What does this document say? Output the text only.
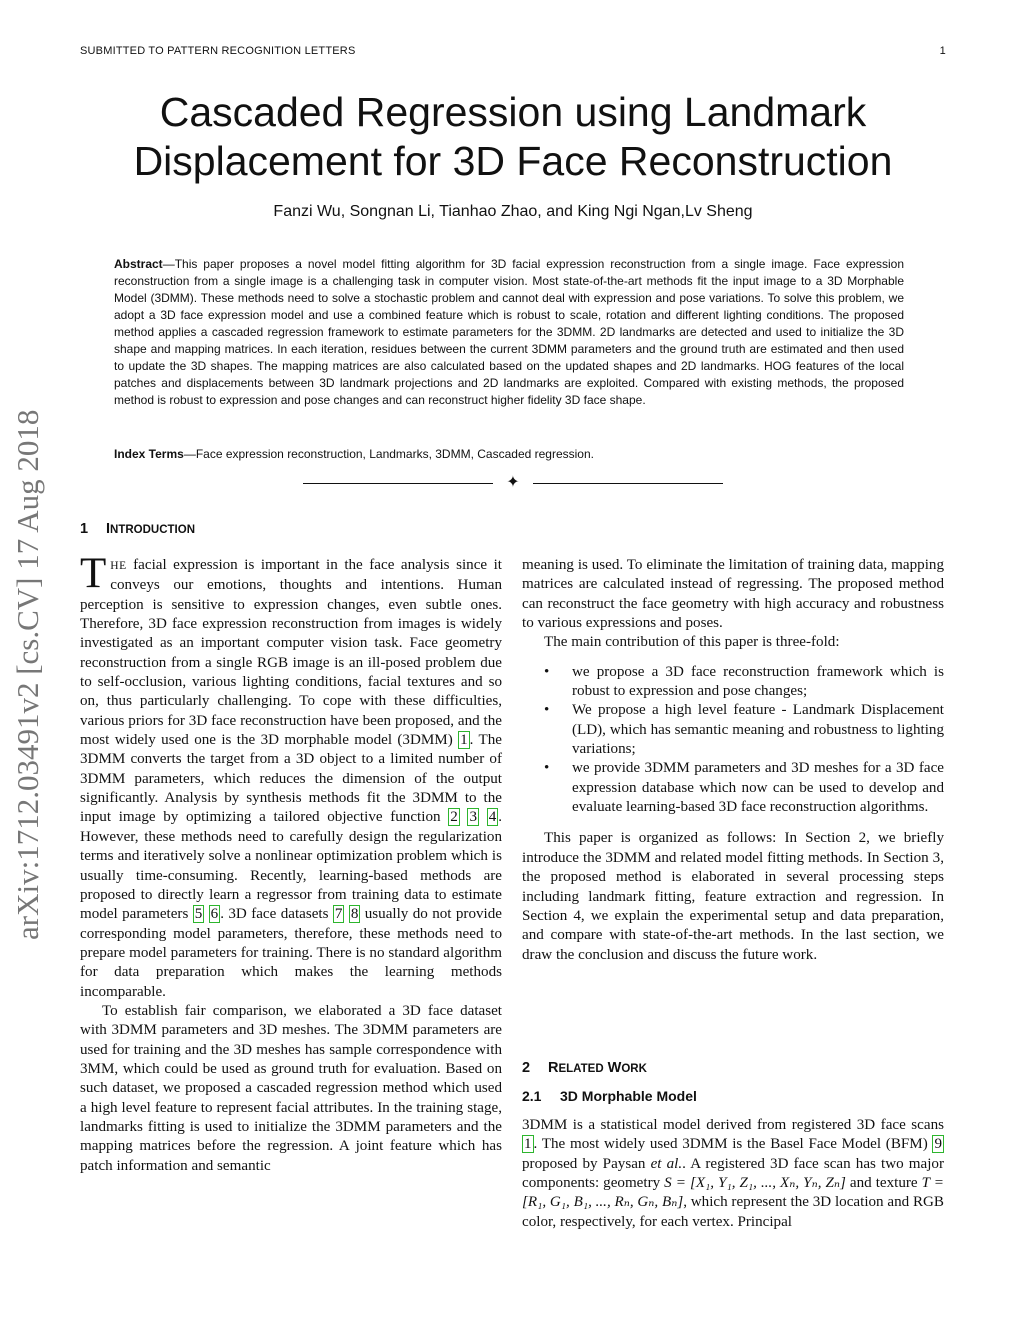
SUBMITTED TO PATTERN RECOGNITION LETTERS	1
arXiv:1712.03491v2 [cs.CV] 17 Aug 2018
Cascaded Regression using Landmark
Displacement for 3D Face Reconstruction
Fanzi Wu, Songnan Li, Tianhao Zhao, and King Ngi Ngan,Lv Sheng
Abstract—This paper proposes a novel model fitting algorithm for 3D facial expression reconstruction from a single image. Face expression reconstruction from a single image is a challenging task in computer vision. Most state-of-the-art methods fit the input image to a 3D Morphable Model (3DMM). These methods need to solve a stochastic problem and cannot deal with expression and pose variations. To solve this problem, we adopt a 3D face expression model and use a combined feature which is robust to scale, rotation and different lighting conditions. The proposed method applies a cascaded regression framework to estimate parameters for the 3DMM. 2D landmarks are detected and used to initialize the 3D shape and mapping matrices. In each iteration, residues between the current 3DMM parameters and the ground truth are estimated and then used to update the 3D shapes. The mapping matrices are also calculated based on the updated shapes and 2D landmarks. HOG features of the local patches and displacements between 3D landmark projections and 2D landmarks are exploited. Compared with existing methods, the proposed method is robust to expression and pose changes and can reconstruct higher fidelity 3D face shape.
Index Terms—Face expression reconstruction, Landmarks, 3DMM, Cascaded regression.
✦
1 INTRODUCTION

THE facial expression is important in the face analysis since it conveys our emotions, thoughts and intentions. Human perception is sensitive to expression changes, even subtle ones. Therefore, 3D face expression reconstruction from images is widely investigated as an important computer vision task. Face geometry reconstruction from a single RGB image is an ill-posed problem due to self-occlusion, various lighting conditions, facial textures and so on, thus particularly challenging. To cope with these difficulties, various priors for 3D face reconstruction have been proposed, and the most widely used one is the 3D morphable model (3DMM) 1 . The 3DMM converts the target from a 3D object to a limited number of 3DMM parameters, which reduces the dimension of the output significantly. Analysis by synthesis methods fit the 3DMM to the input image by optimizing a tailored objective function 2 3 4 . However, these methods need to carefully design the regularization terms and iteratively solve a nonlinear optimization problem which is usually time-consuming. Recently, learning-based methods are proposed to directly learn a regressor from training data to estimate model parameters 5 6 . 3D face datasets 7 8 usually do not provide corresponding model parameters, therefore, these methods need to prepare model parameters for training. There is no standard algorithm for data preparation which makes the learning methods incomparable.

To establish fair comparison, we elaborated a 3D face dataset with 3DMM parameters and 3D meshes. The 3DMM parameters are used for training and the 3D meshes has sample correspondence with 3MM, which could be used as ground truth for evaluation. Based on such dataset, we proposed a cascaded regression method which used a high level feature to represent facial attributes. In the training stage, landmarks fitting is used to initialize the 3DMM parameters and the mapping matrices before the regression. A joint feature which has patch information and semantic

meaning is used. To eliminate the limitation of training data, mapping matrices are calculated instead of regressing. The proposed method can reconstruct the face geometry with high accuracy and robustness to various expressions and poses.

The main contribution of this paper is three-fold:

• we propose a 3D face reconstruction framework which is robust to expression and pose changes;
• We propose a high level feature - Landmark Displacement (LD), which has semantic meaning and robustness to lighting variations;
• we provide 3DMM parameters and 3D meshes for a 3D face expression database which now can be used to develop and evaluate learning-based 3D face reconstruction algorithms.

This paper is organized as follows: In Section 2, we briefly introduce the 3DMM and related model fitting methods. In Section 3, the proposed method is elaborated in several processing steps including landmark fitting, feature extraction and regression. In Section 4, we explain the experimental setup and data preparation, and compare with state-of-the-art methods. In the last section, we draw the conclusion and discuss the future work.

2 RELATED WORK
2.1 3D Morphable Model

3DMM is a statistical model derived from registered 3D face scans 1 . The most widely used 3DMM is the Basel Face Model (BFM) 9 proposed by Paysan et al.. A registered 3D face scan has two major components: geometry S = [X₁, Y₁, Z₁, ..., Xₙ, Yₙ, Zₙ] and texture T = [R₁, G₁, B₁, ..., Rₙ, Gₙ, Bₙ], which represent the 3D location and RGB color, respectively, for each vertex. Principal
